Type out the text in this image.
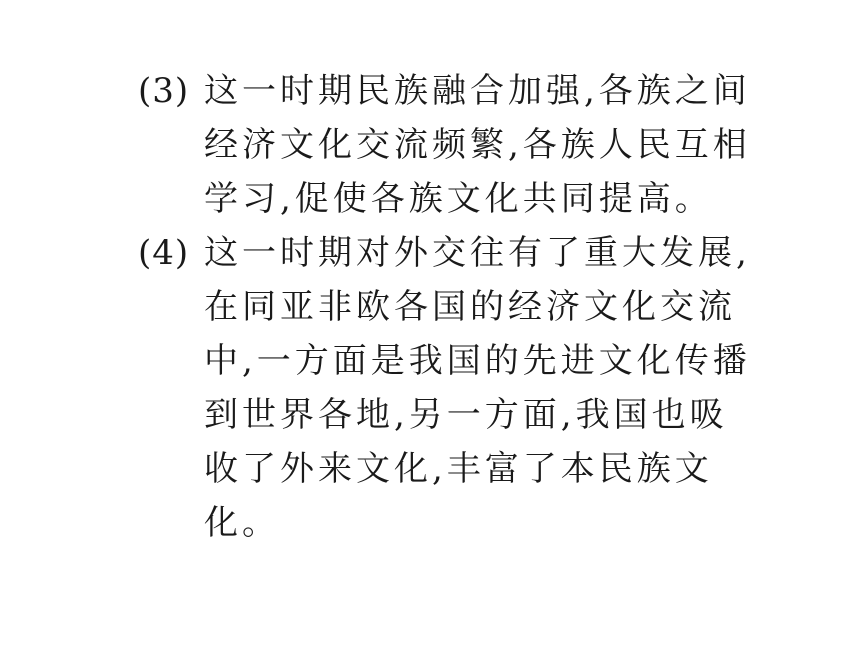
(3) 这一时期民族融合加强,各族之间
经济文化交流频繁,各族人民互相
学习,促使各族文化共同提高。
(4) 这一时期对外交往有了重大发展,
在同亚非欧各国的经济文化交流
中,一方面是我国的先进文化传播
到世界各地,另一方面,我国也吸
收了外来文化,丰富了本民族文
化。
